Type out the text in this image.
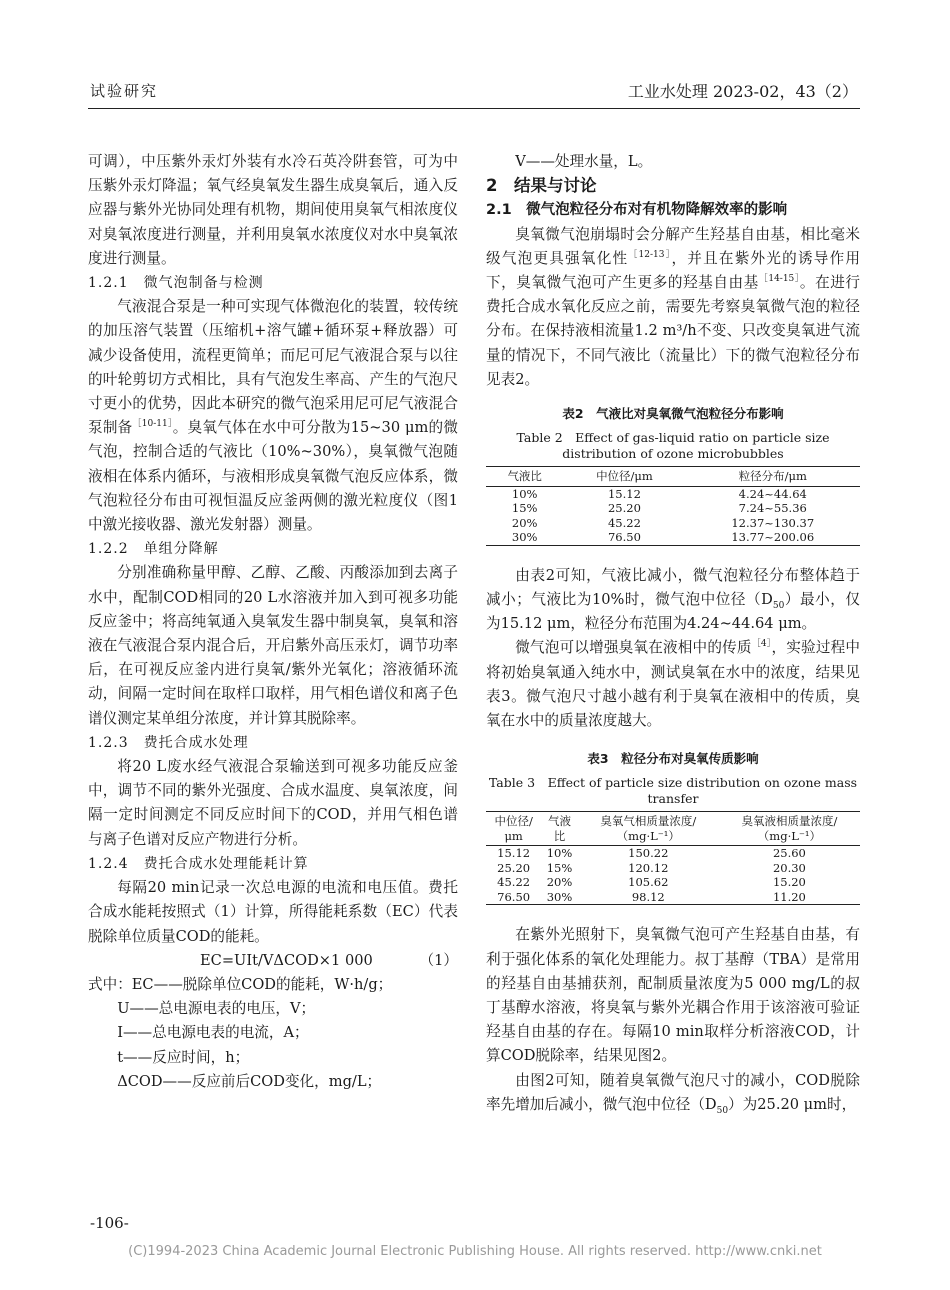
试验研究	工业水处理 2023-02，43（2）

可调），中压紫外汞灯外装有水冷石英冷阱套管，可为中压紫外汞灯降温；氧气经臭氧发生器生成臭氧后，通入反应器与紫外光协同处理有机物，期间使用臭氧气相浓度仪对臭氧浓度进行测量，并利用臭氧水浓度仪对水中臭氧浓度进行测量。

1.2.1　微气泡制备与检测

气液混合泵是一种可实现气体微泡化的装置，较传统的加压溶气装置（压缩机+溶气罐+循环泵+释放器）可减少设备使用，流程更简单；而尼可尼气液混合泵与以往的叶轮剪切方式相比，具有气泡发生率高、产生的气泡尺寸更小的优势，因此本研究的微气泡采用尼可尼气液混合泵制备$^{[10-11]}$。臭氧气体在水中可分散为15~30 μm的微气泡，控制合适的气液比（10%~30%），臭氧微气泡随液相在体系内循环，与液相形成臭氧微气泡反应体系，微气泡粒径分布由可视恒温反应釜两侧的激光粒度仪（图1中激光接收器、激光发射器）测量。

1.2.2　单组分降解

分别准确称量甲醇、乙醇、乙酸、丙酸添加到去离子水中，配制COD相同的20 L水溶液并加入到可视多功能反应釜中；将高纯氧通入臭氧发生器中制臭氧，臭氧和溶液在气液混合泵内混合后，开启紫外高压汞灯，调节功率后，在可视反应釜内进行臭氧/紫外光氧化；溶液循环流动，间隔一定时间在取样口取样，用气相色谱仪和离子色谱仪测定某单组分浓度，并计算其脱除率。

1.2.3　费托合成水处理

将20 L废水经气液混合泵输送到可视多功能反应釜中，调节不同的紫外光强度、合成水温度、臭氧浓度，间隔一定时间测定不同反应时间下的COD，并用气相色谱与离子色谱对反应产物进行分析。

1.2.4　费托合成水处理能耗计算

每隔20 min记录一次总电源的电流和电压值。费托合成水能耗按照式（1）计算，所得能耗系数（EC）代表脱除单位质量COD的能耗。

EC=UIt/VΔCOD×1 000	（1）

式中：EC——脱除单位COD的能耗，W·h/g；

　　U——总电源电表的电压，V；

　　I——总电源电表的电流，A；

　　t——反应时间，h；

　　ΔCOD——反应前后COD变化，mg/L；

　　V——处理水量，L。

2　结果与讨论

2.1　微气泡粒径分布对有机物降解效率的影响

臭氧微气泡崩塌时会分解产生羟基自由基，相比毫米级气泡更具强氧化性$^{[12-13]}$，并且在紫外光的诱导作用下，臭氧微气泡可产生更多的羟基自由基$^{[14-15]}$。在进行费托合成水氧化反应之前，需要先考察臭氧微气泡的粒径分布。在保持液相流量1.2 m³/h不变、只改变臭氧进气流量的情况下，不同气液比（流量比）下的微气泡粒径分布见表2。

表2　气液比对臭氧微气泡粒径分布影响
Table 2　Effect of gas-liquid ratio on particle size distribution of ozone microbubbles
气液比	中位径/μm	粒径分布/μm
10%	15.12	4.24~44.64
15%	25.20	7.24~55.36
20%	45.22	12.37~130.37
30%	76.50	13.77~200.06

由表2可知，气液比减小，微气泡粒径分布整体趋于减小；气液比为10%时，微气泡中位径$(D_{50})$最小，仅为15.12 μm，粒径分布范围为4.24~44.64 μm。

微气泡可以增强臭氧在液相中的传质$^{[4]}$，实验过程中将初始臭氧通入纯水中，测试臭氧在水中的浓度，结果见表3。微气泡尺寸越小越有利于臭氧在液相中的传质，臭氧在水中的质量浓度越大。

表3　粒径分布对臭氧传质影响
Table 3　Effect of particle size distribution on ozone mass transfer
中位径/μm	气液比	臭氧气相质量浓度/（mg·L⁻¹）	臭氧液相质量浓度/（mg·L⁻¹）
15.12	10%	150.22	25.60
25.20	15%	120.12	20.30
45.22	20%	105.62	15.20
76.50	30%	98.12	11.20

在紫外光照射下，臭氧微气泡可产生羟基自由基，有利于强化体系的氧化处理能力。叔丁基醇（TBA）是常用的羟基自由基捕获剂，配制质量浓度为5 000 mg/L的叔丁基醇水溶液，将臭氧与紫外光耦合作用于该溶液可验证羟基自由基的存在。每隔10 min取样分析溶液COD，计算COD脱除率，结果见图2。

由图2可知，随着臭氧微气泡尺寸的减小，COD脱除率先增加后减小，微气泡中位径$(D_{50})$为25.20 μm时，

-106-
(C)1994-2023 China Academic Journal Electronic Publishing House. All rights reserved. http://www.cnki.net
